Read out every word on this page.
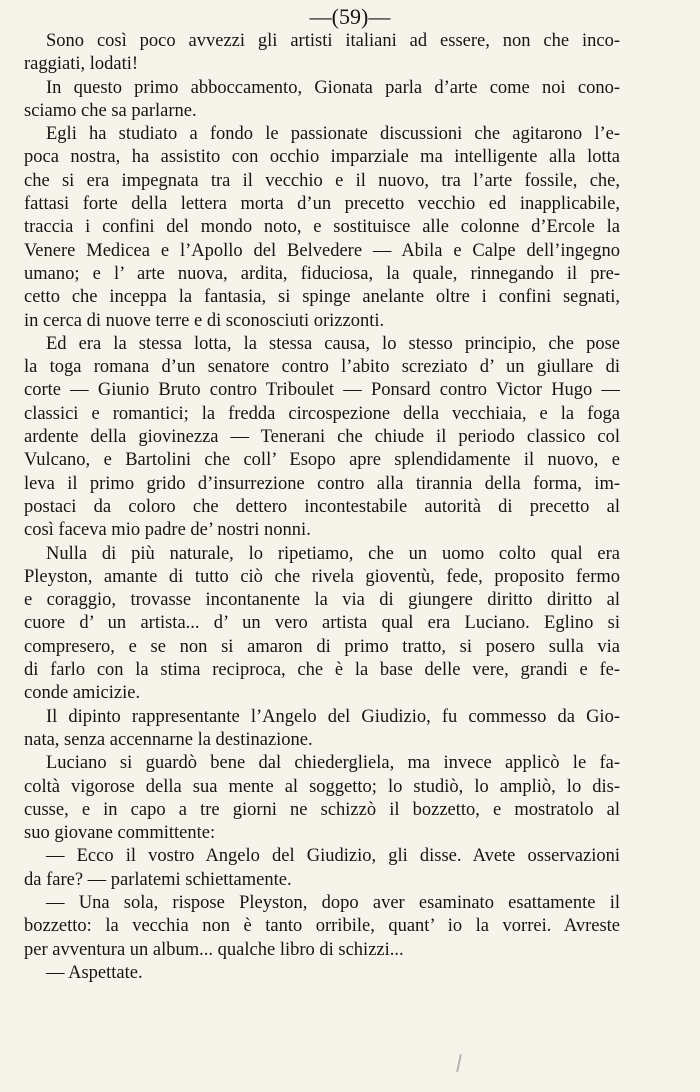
—(59)—
Sono così poco avvezzi gli artisti italiani ad essere, non che inco-
raggiati, lodati!
In questo primo abboccamento, Gionata parla d’arte come noi cono-
sciamo che sa parlarne.
Egli ha studiato a fondo le passionate discussioni che agitarono l’e-
poca nostra, ha assistito con occhio imparziale ma intelligente alla lotta
che si era impegnata tra il vecchio e il nuovo, tra l’arte fossile, che,
fattasi forte della lettera morta d’un precetto vecchio ed inapplicabile,
traccia i confini del mondo noto, e sostituisce alle colonne d’Ercole la
Venere Medicea e l’Apollo del Belvedere — Abila e Calpe dell’ingegno
umano; e l’ arte nuova, ardita, fiduciosa, la quale, rinnegando il pre-
cetto che inceppa la fantasia, si spinge anelante oltre i confini segnati,
in cerca di nuove terre e di sconosciuti orizzonti.
Ed era la stessa lotta, la stessa causa, lo stesso principio, che pose
la toga romana d’un senatore contro l’abito screziato d’ un giullare di
corte — Giunio Bruto contro Triboulet — Ponsard contro Victor Hugo —
classici e romantici; la fredda circospezione della vecchiaia, e la foga
ardente della giovinezza — Tenerani che chiude il periodo classico col
Vulcano, e Bartolini che coll’ Esopo apre splendidamente il nuovo, e
leva il primo grido d’insurrezione contro alla tirannia della forma, im-
postaci da coloro che dettero incontestabile autorità di precetto al
così faceva mio padre de’ nostri nonni.
Nulla di più naturale, lo ripetiamo, che un uomo colto qual era
Pleyston, amante di tutto ciò che rivela gioventù, fede, proposito fermo
e coraggio, trovasse incontanente la via di giungere diritto diritto al
cuore d’ un artista... d’ un vero artista qual era Luciano. Eglino si
compresero, e se non si amaron di primo tratto, si posero sulla via
di farlo con la stima reciproca, che è la base delle vere, grandi e fe-
conde amicizie.
Il dipinto rappresentante l’Angelo del Giudizio, fu commesso da Gio-
nata, senza accennarne la destinazione.
Luciano si guardò bene dal chiedergliela, ma invece applicò le fa-
coltà vigorose della sua mente al soggetto; lo studiò, lo ampliò, lo dis-
cusse, e in capo a tre giorni ne schizzò il bozzetto, e mostratolo al
suo giovane committente:
— Ecco il vostro Angelo del Giudizio, gli disse. Avete osservazioni
da fare? — parlatemi schiettamente.
— Una sola, rispose Pleyston, dopo aver esaminato esattamente il
bozzetto: la vecchia non è tanto orribile, quant’ io la vorrei. Avreste
per avventura un album... qualche libro di schizzi...
— Aspettate.
